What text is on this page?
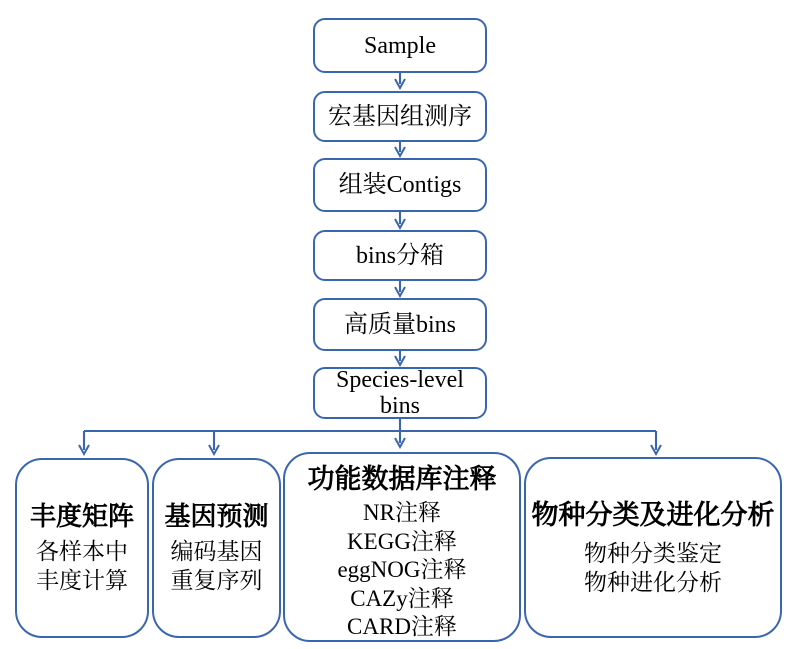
Sample
宏基因组测序
组装Contigs
bins分箱
高质量bins
Species-level bins
丰度矩阵
各样本中
丰度计算
基因预测
编码基因
重复序列
功能数据库注释
NR注释
KEGG注释
eggNOG注释
CAZy注释
CARD注释
物种分类及进化分析
物种分类鉴定
物种进化分析
